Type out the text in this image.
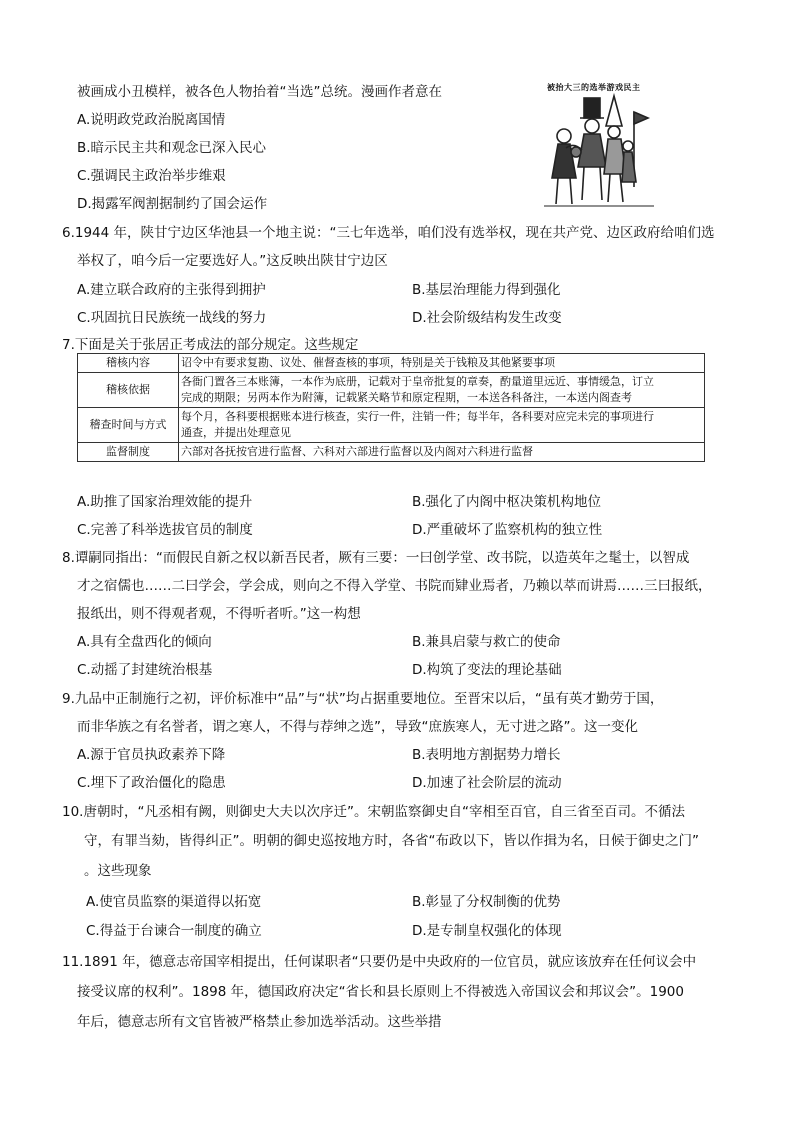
被画成小丑模样，被各色人物抬着“当选”总统。漫画作者意在
A.说明政党政治脱离国情
B.暗示民主共和观念已深入民心
C.强调民主政治举步维艰
D.揭露军阀割据制约了国会运作
被抬大三的选举游戏民主
6.1944 年，陕甘宁边区华池县一个地主说：“三七年选举，咱们没有选举权，现在共产党、边区政府给咱们选
举权了，咱今后一定要选好人。”这反映出陕甘宁边区
A.建立联合政府的主张得到拥护	B.基层治理能力得到强化
C.巩固抗日民族统一战线的努力	D.社会阶级结构发生改变
7.下面是关于张居正考成法的部分规定。这些规定
稽核内容	诏令中有要求复勘、议处、催督查核的事项，特别是关于钱粮及其他紧要事项
稽核依据	各衙门置各三本账簿，一本作为底册，记载对于皇帝批复的章奏，酌量道里远近、事情缓急，订立
完成的期限；另两本作为附簿，记载紧关略节和原定程期，一本送各科备注，一本送内阁查考

稽查时间与方式	每个月，各科要根据账本进行核查，实行一件，注销一件；每半年，各科要对应完未完的事项进行
通查，并提出处理意见

监督制度	六部对各抚按官进行监督、六科对六部进行监督以及内阁对六科进行监督
A.助推了国家治理效能的提升	B.强化了内阁中枢决策机构地位
C.完善了科举选拔官员的制度	D.严重破坏了监察机构的独立性
8.谭嗣同指出：“而假民自新之权以新吾民者，厥有三要：一曰创学堂、改书院，以造英年之髦士，以智成
才之宿儒也……二曰学会，学会成，则向之不得入学堂、书院而肄业焉者，乃赖以萃而讲焉……三曰报纸，
报纸出，则不得观者观，不得听者听。”这一构想
A.具有全盘西化的倾向	B.兼具启蒙与救亡的使命
C.动摇了封建统治根基	D.构筑了变法的理论基础
9.九品中正制施行之初，评价标准中“品”与“状”均占据重要地位。至晋宋以后，“虽有英才勤劳于国，
而非华族之有名誉者，谓之寒人，不得与荐绅之选”，导致“庶族寒人，无寸进之路”。这一变化
A.源于官员执政素养下降	B.表明地方割据势力增长
C.埋下了政治僵化的隐患	D.加速了社会阶层的流动
10.唐朝时，“凡丞相有阙，则御史大夫以次序迁”。宋朝监察御史自“宰相至百官，自三省至百司。不循法
守，有罪当劾，皆得纠正”。明朝的御史巡按地方时，各省“布政以下，皆以作揖为名，日候于御史之门”
。这些现象
A.使官员监察的渠道得以拓宽	B.彰显了分权制衡的优势
C.得益于台谏合一制度的确立	D.是专制皇权强化的体现
11.1891 年，德意志帝国宰相提出，任何谋职者“只要仍是中央政府的一位官员，就应该放弃在任何议会中
接受议席的权利”。1898 年，德国政府决定“省长和县长原则上不得被选入帝国议会和邦议会”。1900
年后，德意志所有文官皆被严格禁止参加选举活动。这些举措
